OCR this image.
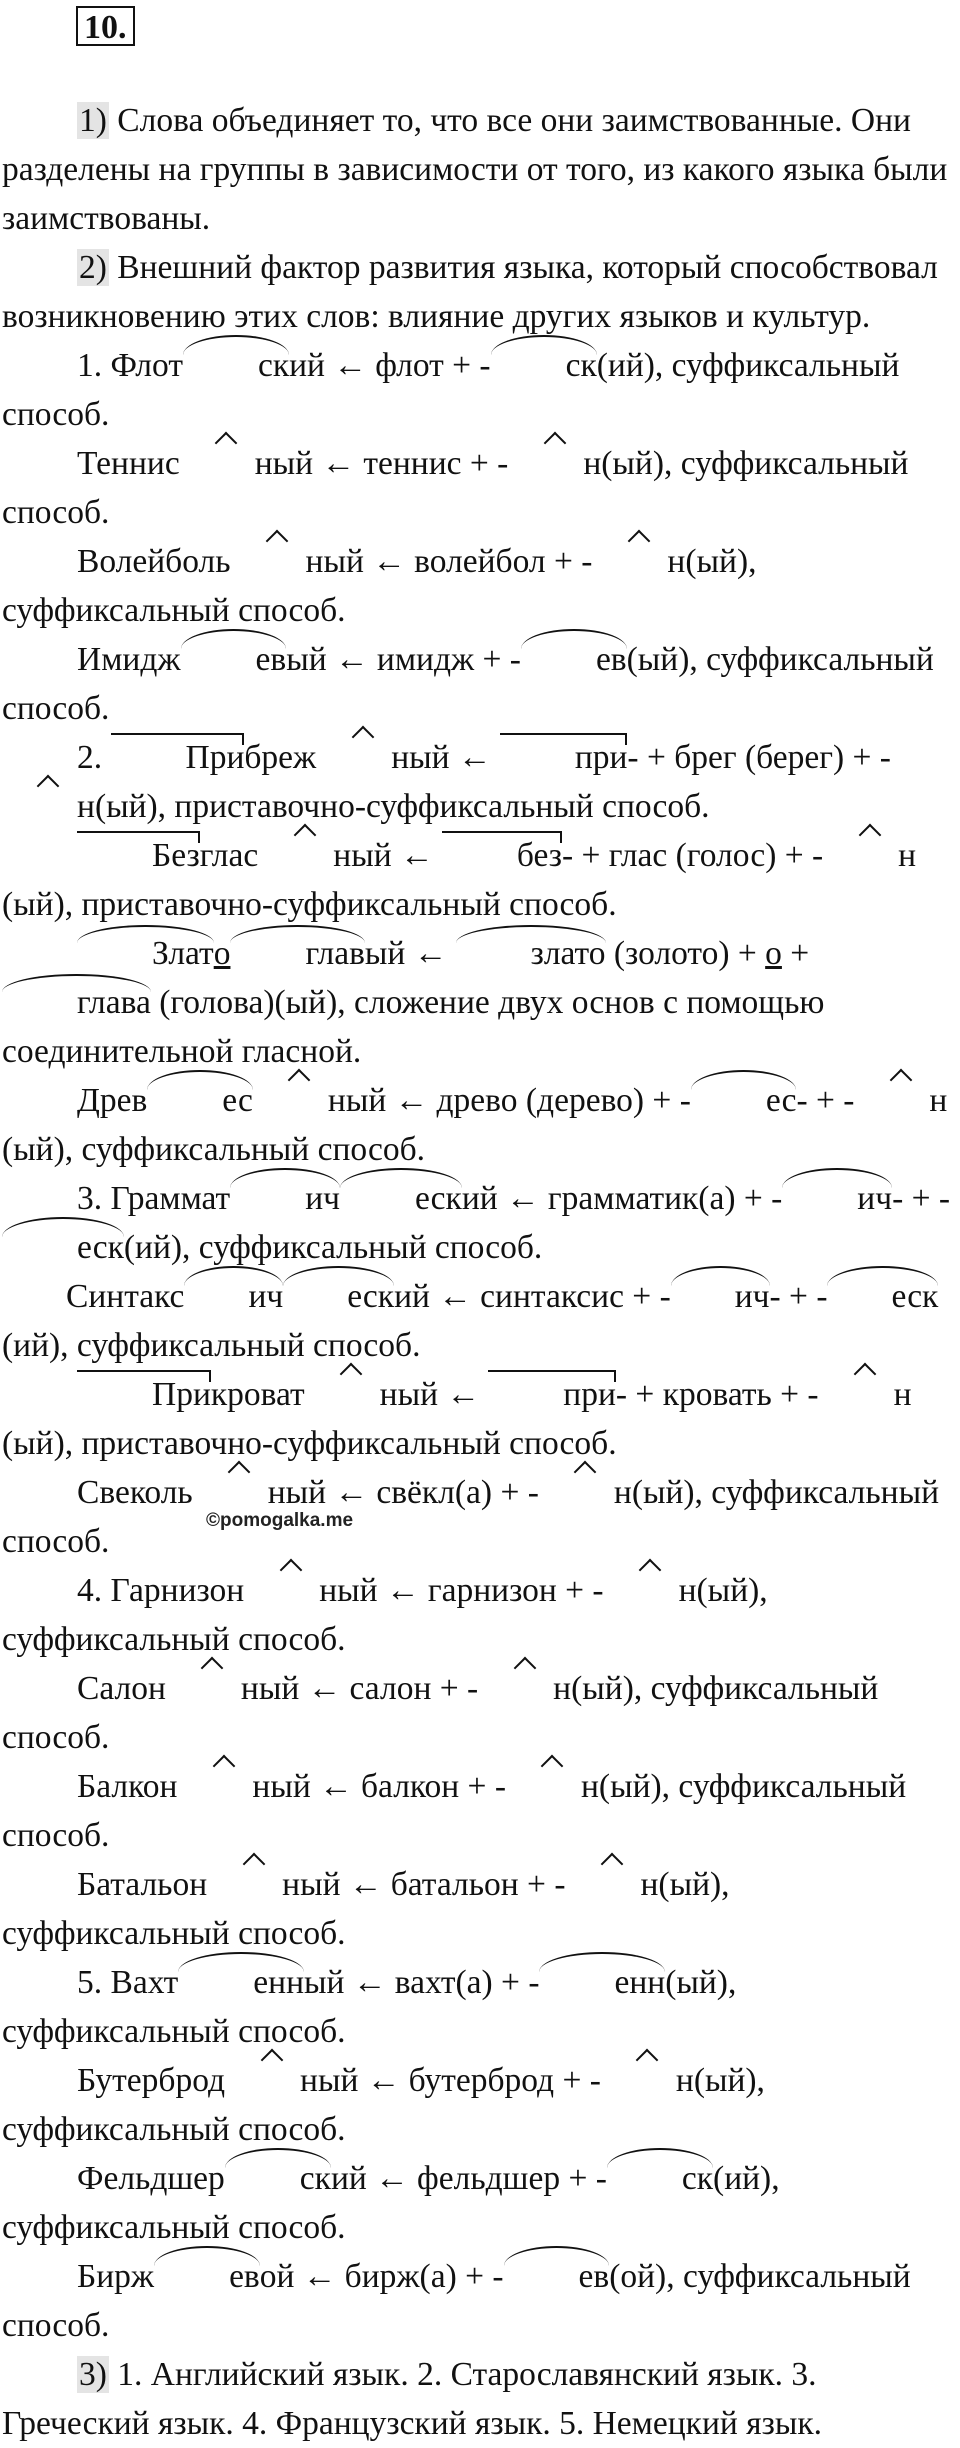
10.

1) Слова объединяет то, что все они заимствованные. Они разделены на группы в зависимости от того, из какого языка были заимствованы.

2) Внешний фактор развития языка, который способствовал возникновению этих слов: влияние других языков и культур.

1. Флот ский ← флот + - ск(ий), суффиксальный способ.

Теннис ный ← теннис + - н(ый), суффиксальный способ.

Волейболь ный ← волейбол + - н(ый), суффиксальный способ.

Имидж евый ← имидж + - ев(ый), суффиксальный способ.

2. Прибреж ный ← при- + брег (берег) + -н(ый), приставочно-суффиксальный способ.

Безглас ный ← без- + глас (голос) + - н(ый), приставочно-суффиксальный способ.

Злато главый ← злато (золото) + о + глава (голова)(ый), сложение двух основ с помощью соединительной гласной.

Древ ес ный ← древо (дерево) + - ес- + - н(ый), суффиксальный способ.

3. Граммат ич еский ← грамматик(а) + - ич- + -еск(ий), суффиксальный способ.

Синтакс ич еский ← синтаксис + - ич- + - еск(ий), суффиксальный способ.

Прикроват ный ← при- + кровать + - н(ый), приставочно-суффиксальный способ.

Свеколь ный ← свёкл(а) + - н(ый), суффиксальный способ.

4. Гарнизон ный ← гарнизон + - н(ый), суффиксальный способ.

Салон ный ← салон + - н(ый), суффиксальный способ.

Балкон ный ← балкон + - н(ый), суффиксальный способ.

Батальон ный ← батальон + - н(ый), суффиксальный способ.

5. Вахт енный ← вахт(а) + - енн(ый), суффиксальный способ.

Бутерброд ный ← бутерброд + - н(ый), суффиксальный способ.

Фельдшер ский ← фельдшер + - ск(ий), суффиксальный способ.

Бирж евой ← бирж(а) + - ев(ой), суффиксальный способ.

3) 1. Английский язык. 2. Старославянский язык. 3. Греческий язык. 4. Французский язык. 5. Немецкий язык.

©pomogalka.me
